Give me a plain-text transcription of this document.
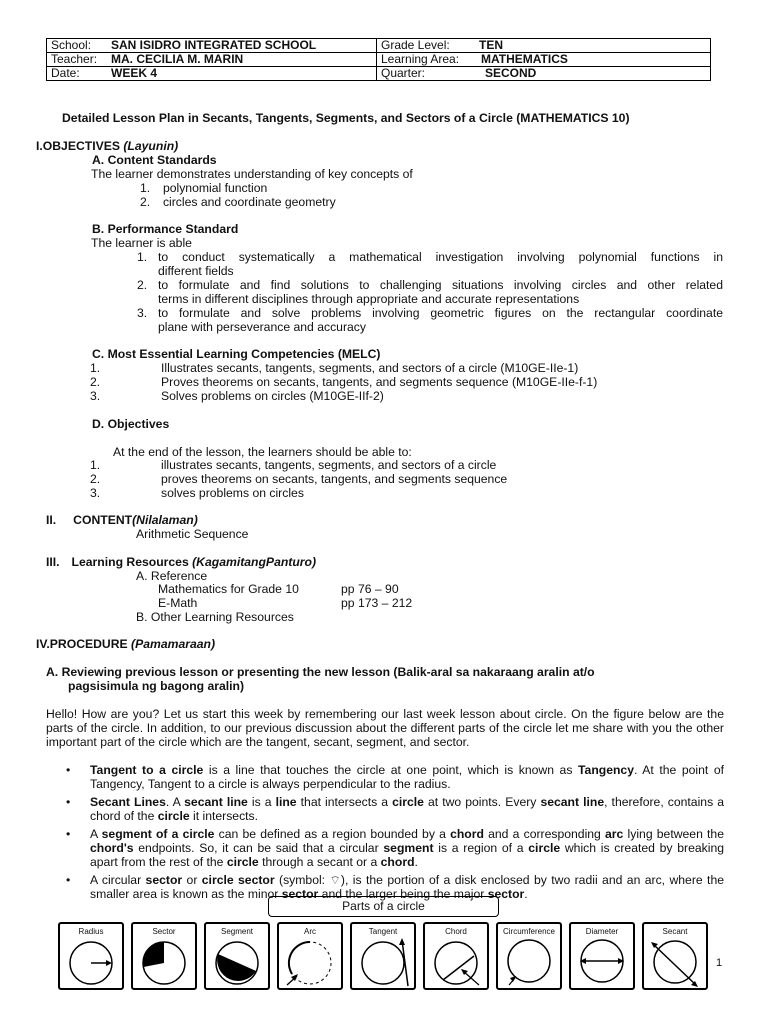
School: SAN ISIDRO INTEGRATED SCHOOL	Grade Level: TEN
Teacher: MA. CECILIA M. MARIN	Learning Area: MATHEMATICS
Date: WEEK 4	Quarter: SECOND
Detailed Lesson Plan in Secants, Tangents, Segments, and Sectors of a Circle (MATHEMATICS 10)
I.OBJECTIVES (Layunin)
A. Content Standards
The learner demonstrates understanding of key concepts of
1.  polynomial function
2.  circles and coordinate geometry
B. Performance Standard
The learner is able
1. to conduct systematically a mathematical investigation involving polynomial functions in
different fields
2. to formulate and find solutions to challenging situations involving circles and other related
terms in different disciplines through appropriate and accurate representations
3. to formulate and solve problems involving geometric figures on the rectangular coordinate
plane with perseverance and accuracy
C. Most Essential Learning Competencies (MELC)
1.	Illustrates secants, tangents, segments, and sectors of a circle (M10GE-IIe-1)
2.	Proves theorems on secants, tangents, and segments sequence (M10GE-IIe-f-1)
3.	Solves problems on circles (M10GE-IIf-2)
D. Objectives
At the end of the lesson, the learners should be able to:
1.	illustrates secants, tangents, segments, and sectors of a circle
2.	proves theorems on secants, tangents, and segments sequence
3.	solves problems on circles
II. CONTENT(Nilalaman)
Arithmetic Sequence
III. Learning Resources (KagamitangPanturo)
A. Reference
Mathematics for Grade 10	pp 76 – 90
E-Math	pp 173 – 212
B. Other Learning Resources
IV.PROCEDURE (Pamamaraan)
A. Reviewing previous lesson or presenting the new lesson (Balik-aral sa nakaraang aralin at/o
pagsisimula ng bagong aralin)
Hello! How are you? Let us start this week by remembering our last week lesson about circle. On the figure below are the parts of the circle. In addition, to our previous discussion about the different parts of the circle let me share with you the other important part of the circle which are the tangent, secant, segment, and sector.
• Tangent to a circle is a line that touches the circle at one point, which is known as Tangency. At the point of Tangency, Tangent to a circle is always perpendicular to the radius.
• Secant Lines. A secant line is a line that intersects a circle at two points. Every secant line, therefore, contains a chord of the circle it intersects.
• A segment of a circle can be defined as a region bounded by a chord and a corresponding arc lying between the chord's endpoints. So, it can be said that a circular segment is a region of a circle which is created by breaking apart from the rest of the circle through a secant or a chord.
• A circular sector or circle sector (symbol: ⌔), is the portion of a disk enclosed by two radii and an arc, where the smaller area is known as the minor sector and the larger being the major sector.
Parts of a circle
Radius	Sector	Segment	Arc	Tangent	Chord	Circumference	Diameter	Secant
1
